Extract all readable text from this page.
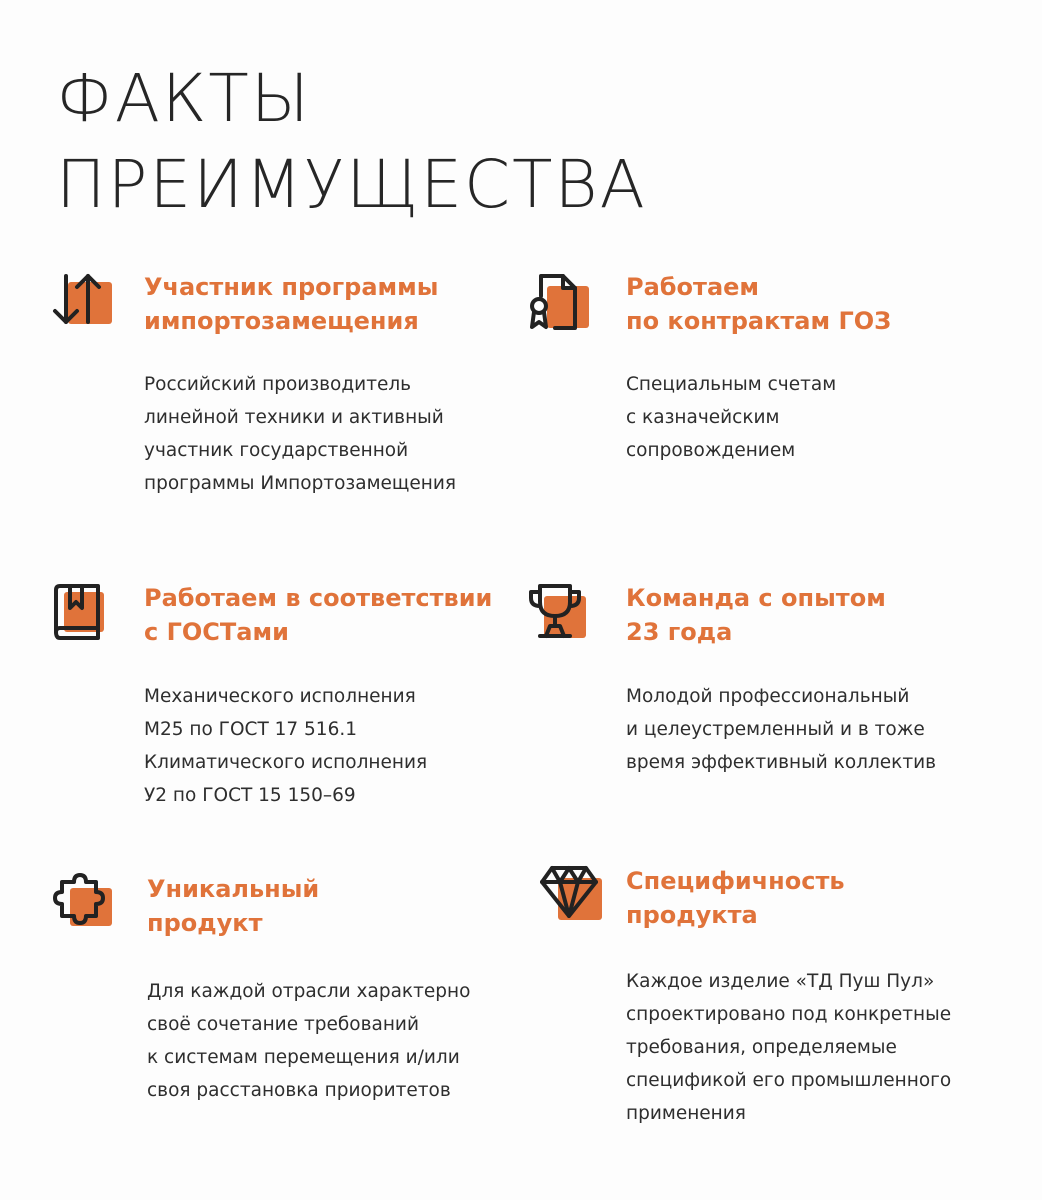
ФАКТЫ
ПРЕИМУЩЕСТВА
Участник программы
импортозамещения

Российский производитель
линейной техники и активный
участник государственной
программы Импортозамещения

Работаем
по контрактам ГОЗ

Специальным счетам
с казначейским
сопровождением

Работаем в соответствии
с ГОСТами

Механического исполнения
М25 по ГОСТ 17 516.1
Климатического исполнения
У2 по ГОСТ 15 150–69

Команда с опытом
23 года

Молодой профессиональный
и целеустремленный и в тоже
время эффективный коллектив

Уникальный
продукт

Для каждой отрасли характерно
своё сочетание требований
к системам перемещения и/или
своя расстановка приоритетов

Специфичность
продукта

Каждое изделие «ТД Пуш Пул»
спроектировано под конкретные
требования, определяемые
спецификой его промышленного
применения
